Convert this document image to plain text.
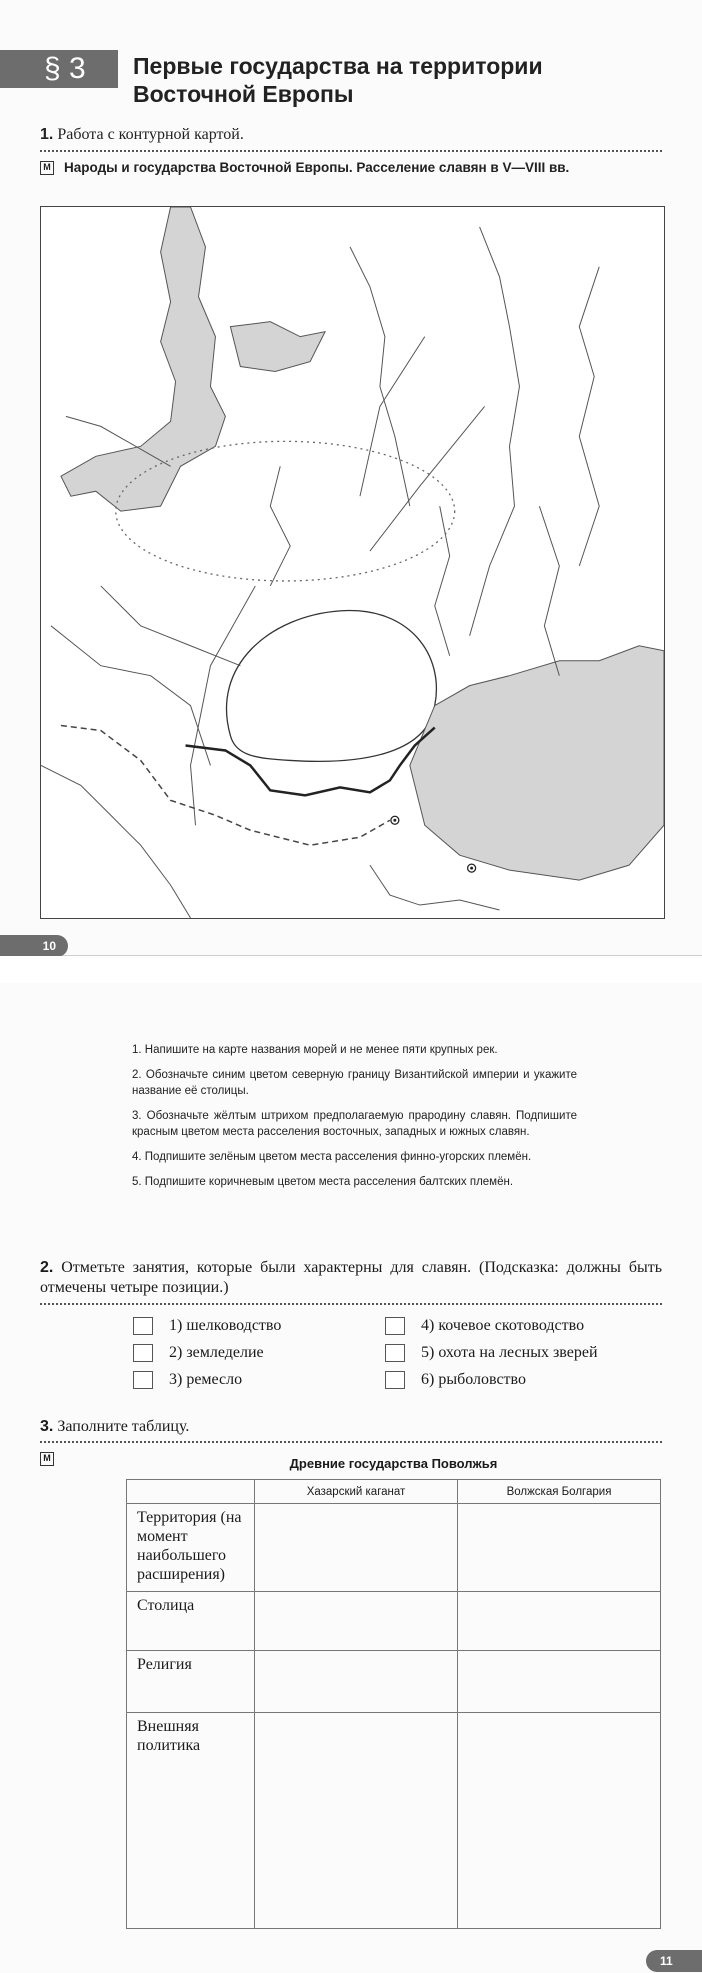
§ 3	Первые государства на территории
Восточной Европы
1. Работа с контурной картой.
М Народы и государства Восточной Европы. Расселение славян в V—VIII вв.
10

1. Напишите на карте названия морей и не менее пяти крупных рек.

2. Обозначьте синим цветом северную границу Византийской империи и укажите название её столицы.

3. Обозначьте жёлтым штрихом предполагаемую прародину славян. Подпишите красным цветом места расселения восточных, западных и южных славян.

4. Подпишите зелёным цветом места расселения финно-угорских племён.

5. Подпишите коричневым цветом места расселения балтских племён.

2. Отметьте занятия, которые были характерны для славян. (Подсказка: должны быть отмечены четыре позиции.)
1) шелководство
2) земледелие
3) ремесло
4) кочевое скотоводство
5) охота на лесных зверей
6) рыболовство
3. Заполните таблицу.
М	Древние государства Поволжья
	Хазарский каганат	Волжская Болгария
Территория (на момент наибольшего расширения)		
Столица		
Религия		
Внешняя политика		
11
